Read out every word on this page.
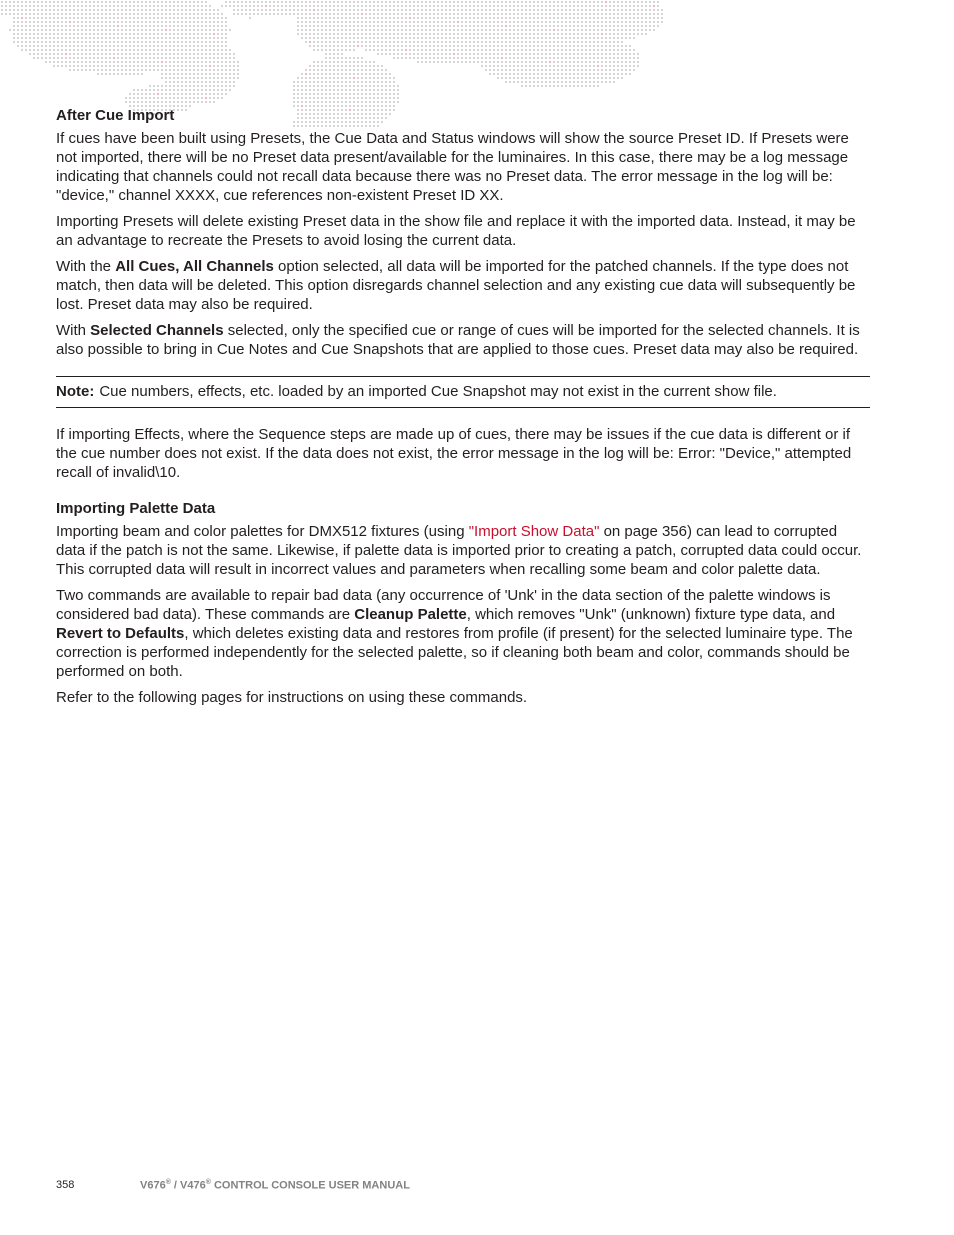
After Cue Import

If cues have been built using Presets, the Cue Data and Status windows will show the source Preset ID. If Presets were not imported, there will be no Preset data present/available for the luminaires. In this case, there may be a log message indicating that channels could not recall data because there was no Preset data. The error message in the log will be: "device," channel XXXX, cue references non-existent Preset ID XX.

Importing Presets will delete existing Preset data in the show file and replace it with the imported data. Instead, it may be an advantage to recreate the Presets to avoid losing the current data.

With the All Cues, All Channels option selected, all data will be imported for the patched channels. If the type does not match, then data will be deleted. This option disregards channel selection and any existing cue data will subsequently be lost. Preset data may also be required.

With Selected Channels selected, only the specified cue or range of cues will be imported for the selected channels. It is also possible to bring in Cue Notes and Cue Snapshots that are applied to those cues. Preset data may also be required.

Note: Cue numbers, effects, etc. loaded by an imported Cue Snapshot may not exist in the current show file.

If importing Effects, where the Sequence steps are made up of cues, there may be issues if the cue data is different or if the cue number does not exist. If the data does not exist, the error message in the log will be: Error: "Device," attempted recall of invalid\10.

Importing Palette Data

Importing beam and color palettes for DMX512 fixtures (using "Import Show Data" on page 356) can lead to corrupted data if the patch is not the same. Likewise, if palette data is imported prior to creating a patch, corrupted data could occur. This corrupted data will result in incorrect values and parameters when recalling some beam and color palette data.

Two commands are available to repair bad data (any occurrence of 'Unk' in the data section of the palette windows is considered bad data). These commands are Cleanup Palette, which removes "Unk" (unknown) fixture type data, and Revert to Defaults, which deletes existing data and restores from profile (if present) for the selected luminaire type. The correction is performed independently for the selected palette, so if cleaning both beam and color, commands should be performed on both.

Refer to the following pages for instructions on using these commands.

358	V676® / V476® CONTROL CONSOLE USER MANUAL
